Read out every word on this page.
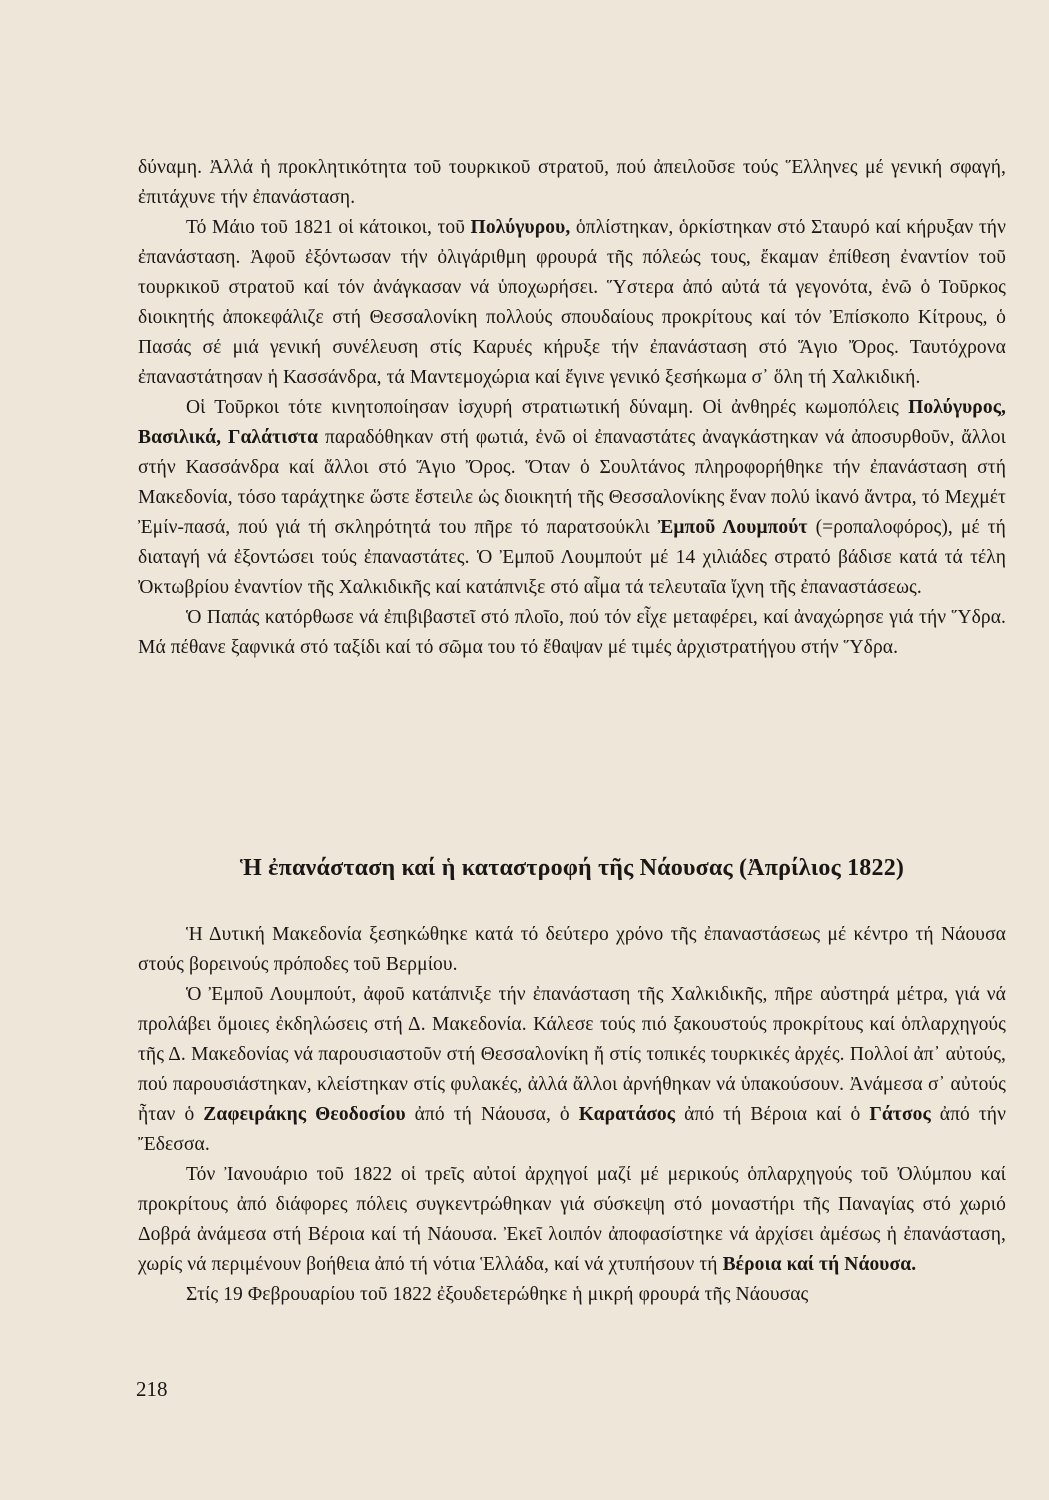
δύναμη. Ἀλλά ἡ προκλητικότητα τοῦ τουρκικοῦ στρατοῦ, πού ἀπειλοῦσε τούς Ἕλληνες μέ γενική σφαγή, ἐπιτάχυνε τήν ἐπανάσταση.

Τό Μάιο τοῦ 1821 οἱ κάτοικοι, τοῦ Πολύγυρου, ὁπλίστηκαν, ὁρκίστηκαν στό Σταυρό καί κήρυξαν τήν ἐπανάσταση. Ἀφοῦ ἐξόντωσαν τήν ὀλιγάριθμη φρουρά τῆς πόλεώς τους, ἔκαμαν ἐπίθεση ἐναντίον τοῦ τουρκικοῦ στρατοῦ καί τόν ἀνάγκασαν νά ὑποχωρήσει. Ὕστερα ἀπό αὐτά τά γεγονότα, ἐνῶ ὁ Τοῦρκος διοικητής ἀποκεφάλιζε στή Θεσσαλονίκη πολλούς σπουδαίους προκρίτους καί τόν Ἐπίσκοπο Κίτρους, ὁ Πασάς σέ μιά γενική συνέλευση στίς Καρυές κήρυξε τήν ἐπανάσταση στό Ἅγιο Ὄρος. Ταυτόχρονα ἐπαναστάτησαν ἡ Κασσάνδρα, τά Μαντεμοχώρια καί ἔγινε γενικό ξεσήκωμα σ᾽ ὅλη τή Χαλκιδική.

Οἱ Τοῦρκοι τότε κινητοποίησαν ἰσχυρή στρατιωτική δύναμη. Οἱ ἀνθηρές κωμοπόλεις Πολύγυρος, Βασιλικά, Γαλάτιστα παραδόθηκαν στή φωτιά, ἐνῶ οἱ ἐπαναστάτες ἀναγκάστηκαν νά ἀποσυρθοῦν, ἄλλοι στήν Κασσάνδρα καί ἄλλοι στό Ἅγιο Ὄρος. Ὅταν ὁ Σουλτάνος πληροφορήθηκε τήν ἐπανάσταση στή Μακεδονία, τόσο ταράχτηκε ὥστε ἔστειλε ὡς διοικητή τῆς Θεσσαλονίκης ἕναν πολύ ἱκανό ἄντρα, τό Μεχμέτ Ἐμίν-πασά, πού γιά τή σκληρότητά του πῆρε τό παρατσούκλι Ἐμποῦ Λουμπούτ (=ροπαλοφόρος), μέ τή διαταγή νά ἐξοντώσει τούς ἐπαναστάτες. Ὁ Ἐμποῦ Λουμπούτ μέ 14 χιλιάδες στρατό βάδισε κατά τά τέλη Ὀκτωβρίου ἐναντίον τῆς Χαλκιδικῆς καί κατάπνιξε στό αἷμα τά τελευταῖα ἴχνη τῆς ἐπαναστάσεως.

Ὁ Παπάς κατόρθωσε νά ἐπιβιβαστεῖ στό πλοῖο, πού τόν εἶχε μεταφέρει, καί ἀναχώρησε γιά τήν Ὕδρα. Μά πέθανε ξαφνικά στό ταξίδι καί τό σῶμα του τό ἔθαψαν μέ τιμές ἀρχιστρατήγου στήν Ὕδρα.

Ἡ ἐπανάσταση καί ἡ καταστροφή τῆς Νάουσας (Ἀπρίλιος 1822)

Ἡ Δυτική Μακεδονία ξεσηκώθηκε κατά τό δεύτερο χρόνο τῆς ἐπαναστάσεως μέ κέντρο τή Νάουσα στούς βορεινούς πρόποδες τοῦ Βερμίου.

Ὁ Ἐμποῦ Λουμπούτ, ἀφοῦ κατάπνιξε τήν ἐπανάσταση τῆς Χαλκιδικῆς, πῆρε αὐστηρά μέτρα, γιά νά προλάβει ὅμοιες ἐκδηλώσεις στή Δ. Μακεδονία. Κάλεσε τούς πιό ξακουστούς προκρίτους καί ὁπλαρχηγούς τῆς Δ. Μακεδονίας νά παρουσιαστοῦν στή Θεσσαλονίκη ἤ στίς τοπικές τουρκικές ἀρχές. Πολλοί ἀπ᾽ αὐτούς, πού παρουσιάστηκαν, κλείστηκαν στίς φυλακές, ἀλλά ἄλλοι ἀρνήθηκαν νά ὑπακούσουν. Ἀνάμεσα σ᾽ αὐτούς ἦταν ὁ Ζαφειράκης Θεοδοσίου ἀπό τή Νάουσα, ὁ Καρατάσος ἀπό τή Βέροια καί ὁ Γάτσος ἀπό τήν Ἔδεσσα.

Τόν Ἰανουάριο τοῦ 1822 οἱ τρεῖς αὐτοί ἀρχηγοί μαζί μέ μερικούς ὁπλαρχηγούς τοῦ Ὀλύμπου καί προκρίτους ἀπό διάφορες πόλεις συγκεντρώθηκαν γιά σύσκεψη στό μοναστήρι τῆς Παναγίας στό χωριό Δοβρά ἀνάμεσα στή Βέροια καί τή Νάουσα. Ἐκεῖ λοιπόν ἀποφασίστηκε νά ἀρχίσει ἀμέσως ἡ ἐπανάσταση, χωρίς νά περιμένουν βοήθεια ἀπό τή νότια Ἑλλάδα, καί νά χτυπήσουν τή Βέροια καί τή Νάουσα.

Στίς 19 Φεβρουαρίου τοῦ 1822 ἐξουδετερώθηκε ἡ μικρή φρουρά τῆς Νάουσας

218
